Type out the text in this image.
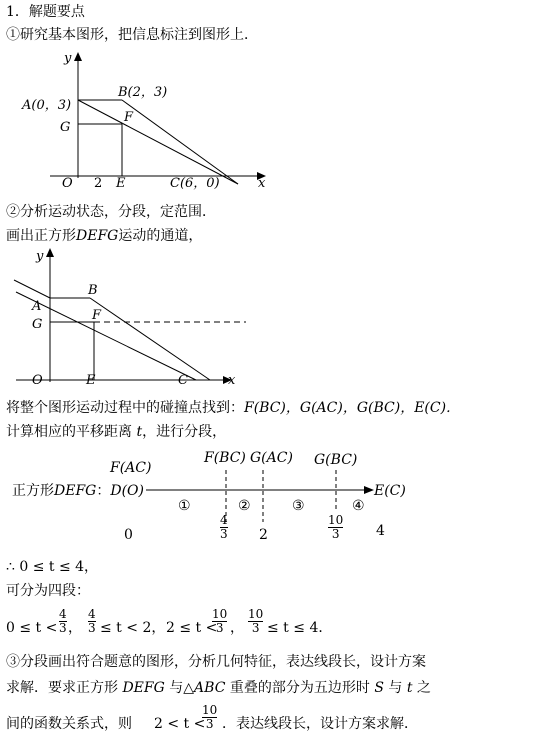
1．解题要点
①研究基本图形，把信息标注到图形上．
y
x
A(0，3)
B(2，3)
G
F
O 2 E	C(6，0)
②分析运动状态，分段，定范围．
画出正方形DEFG运动的通道，
y
x
A
B
G
F
O	E	C
将整个图形运动过程中的碰撞点找到：F(BC)，G(AC)，G(BC)，E(C)．
计算相应的平移距离 t，进行分段，
F(AC)
F(BC) G(AC) G(BC)
正方形DEFG：D(O)	E(C)
①	②	③	④
0
4
3 2
10
3	4
∴ 0 ≤ t ≤ 4，
可分为四段：
0 ≤ t <
4
3 ，
4
3 ≤ t < 2， 2 ≤ t <
10
3 ，
10
3 ≤ t ≤ 4．
③分段画出符合题意的图形，分析几何特征，表达线段长，设计方案
求解．要求正方形 DEFG 与△ABC 重叠的部分为五边形时 S 与 t 之
间的函数关系式，则 2 < t <
10
3 ．表达线段长，设计方案求解．
